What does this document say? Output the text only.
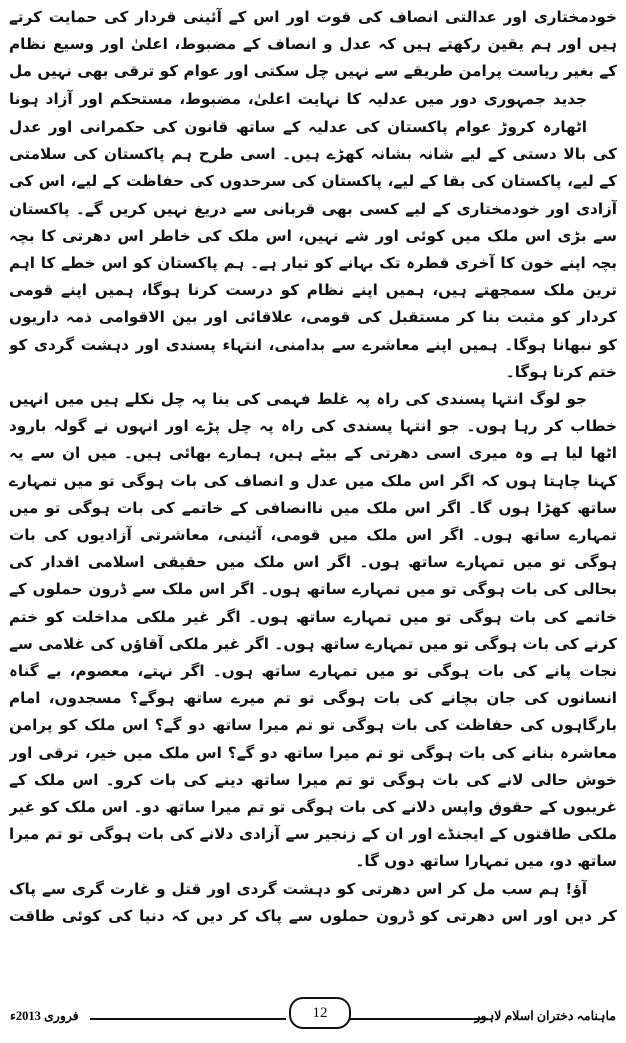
خودمختاری اور عدالتی انصاف کی قوت اور اس کے آئینی قردار کی حمایت کرتے ہیں اور ہم یقین رکھتے ہیں کہ عدل و انصاف کے مضبوط، اعلیٰ اور وسیع نظام کے بغیر ریاست پرامن طریقے سے نہیں چل سکتی اور عوام کو ترقی بھی نہیں مل

جدید جمہوری دور میں عدلیہ کا نہایت اعلیٰ، مضبوط، مستحکم اور آزاد ہونا

اٹھارہ کروڑ عوام پاکستان کی عدلیہ کے ساتھ قانون کی حکمرانی اور عدل کی بالا دستی کے لیے شانہ بشانہ کھڑے ہیں۔ اسی طرح ہم پاکستان کی سلامتی کے لیے، پاکستان کی بقا کے لیے، پاکستان کی سرحدوں کی حفاظت کے لیے، اس کی آزادی اور خودمختاری کے لیے کسی بھی قربانی سے دریغ نہیں کریں گے۔ پاکستان سے بڑی اس ملک میں کوئی اور شے نہیں، اس ملک کی خاطر اس دھرتی کا بچہ بچہ اپنے خون کا آخری قطرہ تک بہانے کو تیار ہے۔ ہم پاکستان کو اس خطے کا اہم ترین ملک سمجھتے ہیں، ہمیں اپنے نظام کو درست کرنا ہوگا، ہمیں اپنے قومی کردار کو مثبت بنا کر مستقبل کی قومی، علاقائی اور بین الاقوامی ذمہ داریوں کو نبھانا ہوگا۔ ہمیں اپنے معاشرے سے بدامنی، انتہاء پسندی اور دہشت گردی کو ختم کرنا ہوگا۔

جو لوگ انتہا پسندی کی راہ پہ غلط فہمی کی بنا پہ چل نکلے ہیں میں انہیں خطاب کر رہا ہوں۔ جو انتہا پسندی کی راہ پہ چل پڑے اور انہوں نے گولہ بارود اٹھا لیا ہے وہ میری اسی دھرتی کے بیٹے ہیں، ہمارے بھائی ہیں۔ میں ان سے یہ کہنا چاہتا ہوں کہ اگر اس ملک میں عدل و انصاف کی بات ہوگی تو میں تمہارے ساتھ کھڑا ہوں گا۔ اگر اس ملک میں ناانصافی کے خاتمے کی بات ہوگی تو میں تمہارے ساتھ ہوں۔ اگر اس ملک میں قومی، آئینی، معاشرتی آزادیوں کی بات ہوگی تو میں تمہارے ساتھ ہوں۔ اگر اس ملک میں حقیقی اسلامی اقدار کی بحالی کی بات ہوگی تو میں تمہارے ساتھ ہوں۔ اگر اس ملک سے ڈرون حملوں کے خاتمے کی بات ہوگی تو میں تمہارے ساتھ ہوں۔ اگر غیر ملکی مداخلت کو ختم کرنے کی بات ہوگی تو میں تمہارے ساتھ ہوں۔ اگر غیر ملکی آقاؤں کی غلامی سے نجات پانے کی بات ہوگی تو میں تمہارے ساتھ ہوں۔ اگر نہتے، معصوم، بے گناہ انسانوں کی جان بچانے کی بات ہوگی تو تم میرے ساتھ ہوگے؟ مسجدوں، امام بارگاہوں کی حفاظت کی بات ہوگی تو تم میرا ساتھ دو گے؟ اس ملک کو پرامن معاشرہ بنانے کی بات ہوگی تو تم میرا ساتھ دو گے؟ اس ملک میں خیر، ترقی اور خوش حالی لانے کی بات ہوگی تو تم میرا ساتھ دینے کی بات کرو۔ اس ملک کے غریبوں کے حقوق واپس دلانے کی بات ہوگی تو تم میرا ساتھ دو۔ اس ملک کو غیر ملکی طاقتوں کے ایجنڈے اور ان کے زنجیر سے آزادی دلانے کی بات ہوگی تو تم میرا ساتھ دو، میں تمہارا ساتھ دوں گا۔

آؤ! ہم سب مل کر اس دھرتی کو دہشت گردی اور قتل و غارت گری سے پاک کر دیں اور اس دھرتی کو ڈرون حملوں سے پاک کر دیں کہ دنیا کی کوئی طاقت

ماہنامہ دختران اسلام لاہور
12
فروری 2013ء
